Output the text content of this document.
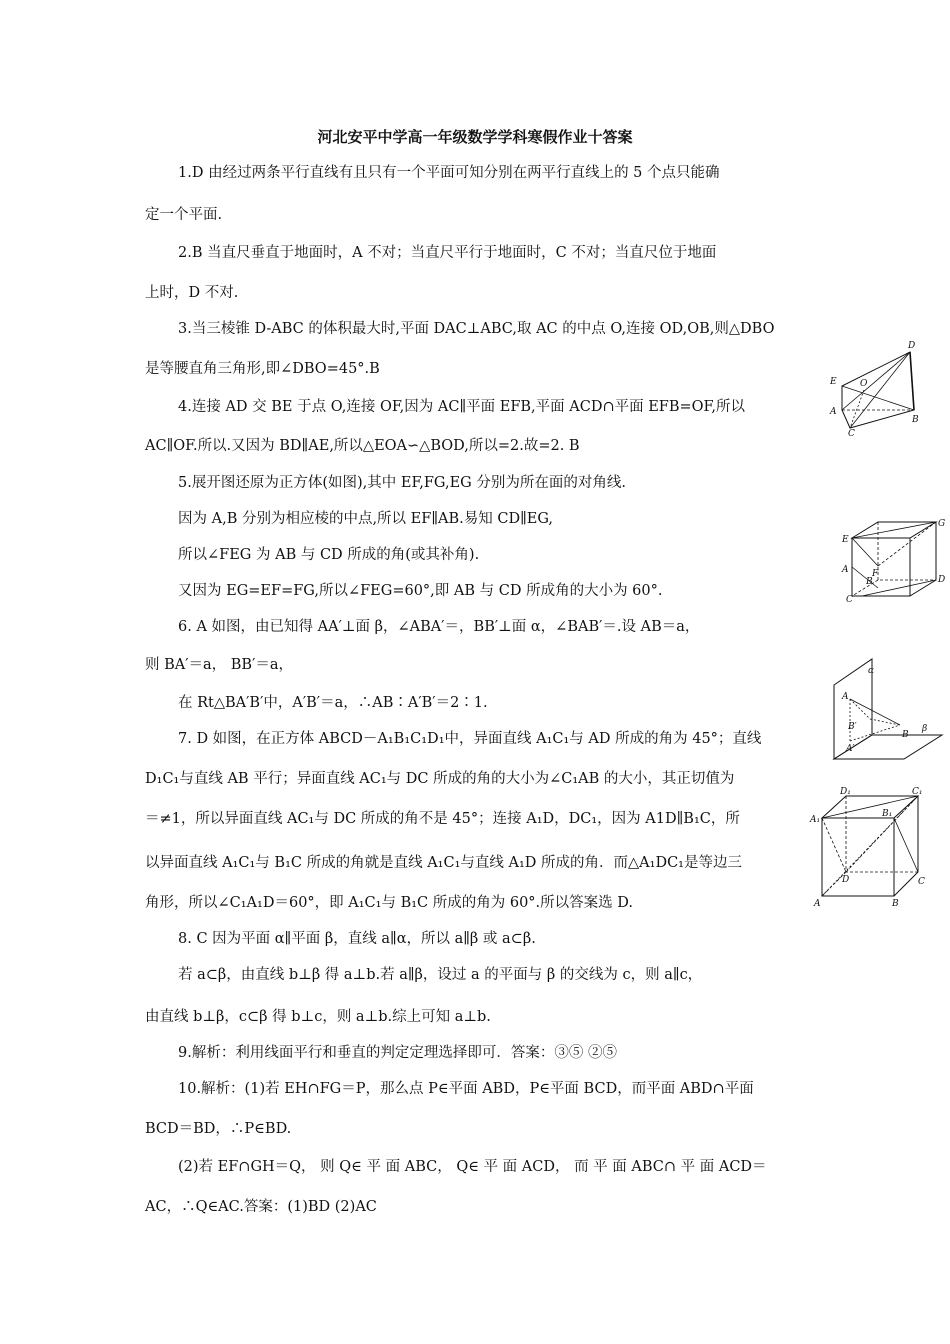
河北安平中学高一年级数学学科寒假作业十答案
1.D 由经过两条平行直线有且只有一个平面可知分别在两平行直线上的 5 个点只能确
定一个平面.
2.B 当直尺垂直于地面时，A 不对；当直尺平行于地面时，C 不对；当直尺位于地面
上时，D 不对.
3.当三棱锥 D-ABC 的体积最大时,平面 DAC⊥ABC,取 AC 的中点 O,连接 OD,OB,则△DBO
是等腰直角三角形,即∠DBO=45°.B
4.连接 AD 交 BE 于点 O,连接 OF,因为 AC∥平面 EFB,平面 ACD∩平面 EFB=OF,所以
AC∥OF.所以.又因为 BD∥AE,所以△EOA∽△BOD,所以=2.故=2. B
5.展开图还原为正方体(如图),其中 EF,FG,EG 分别为所在面的对角线.
因为 A,B 分别为相应棱的中点,所以 EF∥AB.易知 CD∥EG,
所以∠FEG 为 AB 与 CD 所成的角(或其补角).
又因为 EG=EF=FG,所以∠FEG=60°,即 AB 与 CD 所成角的大小为 60°.
6. A 如图，由已知得 AA′⊥面 β，∠ABA′＝，BB′⊥面 α，∠BAB′＝.设 AB＝a，
则 BA′＝a， BB′＝a，
在 Rt△BA′B′中，A′B′＝a，∴AB∶A′B′＝2∶1.
7. D 如图，在正方体 ABCD－A₁B₁C₁D₁中，异面直线 A₁C₁与 AD 所成的角为 45°；直线
D₁C₁与直线 AB 平行；异面直线 AC₁与 DC 所成的角的大小为∠C₁AB 的大小，其正切值为
＝≠1，所以异面直线 AC₁与 DC 所成的角不是 45°；连接 A₁D，DC₁，因为 A1D∥B₁C，所
以异面直线 A₁C₁与 B₁C 所成的角就是直线 A₁C₁与直线 A₁D 所成的角．而△A₁DC₁是等边三
角形，所以∠C₁A₁D＝60°，即 A₁C₁与 B₁C 所成的角为 60°.所以答案选 D.
8. C 因为平面 α∥平面 β，直线 a∥α，所以 a∥β 或 a⊂β.
若 a⊂β，由直线 b⊥β 得 a⊥b.若 a∥β，设过 a 的平面与 β 的交线为 c，则 a∥c，
由直线 b⊥β，c⊂β 得 b⊥c，则 a⊥b.综上可知 a⊥b.
9.解析：利用线面平行和垂直的判定定理选择即可．答案：③⑤ ②⑤
10.解析：(1)若 EH∩FG＝P，那么点 P∈平面 ABD，P∈平面 BCD，而平面 ABD∩平面
BCD＝BD，∴P∈BD.
(2)若 EF∩GH＝Q， 则 Q∈ 平 面 ABC， Q∈ 平 面 ACD， 而 平 面 ABC∩ 平 面 ACD＝
AC，∴Q∈AC.答案：(1)BD (2)AC
D
E	O
A
B
C
G
E
F
A
B	D
C
α
A
B′
B
β
A′
D₁	C₁
A₁
B₁
D	C
A	B
